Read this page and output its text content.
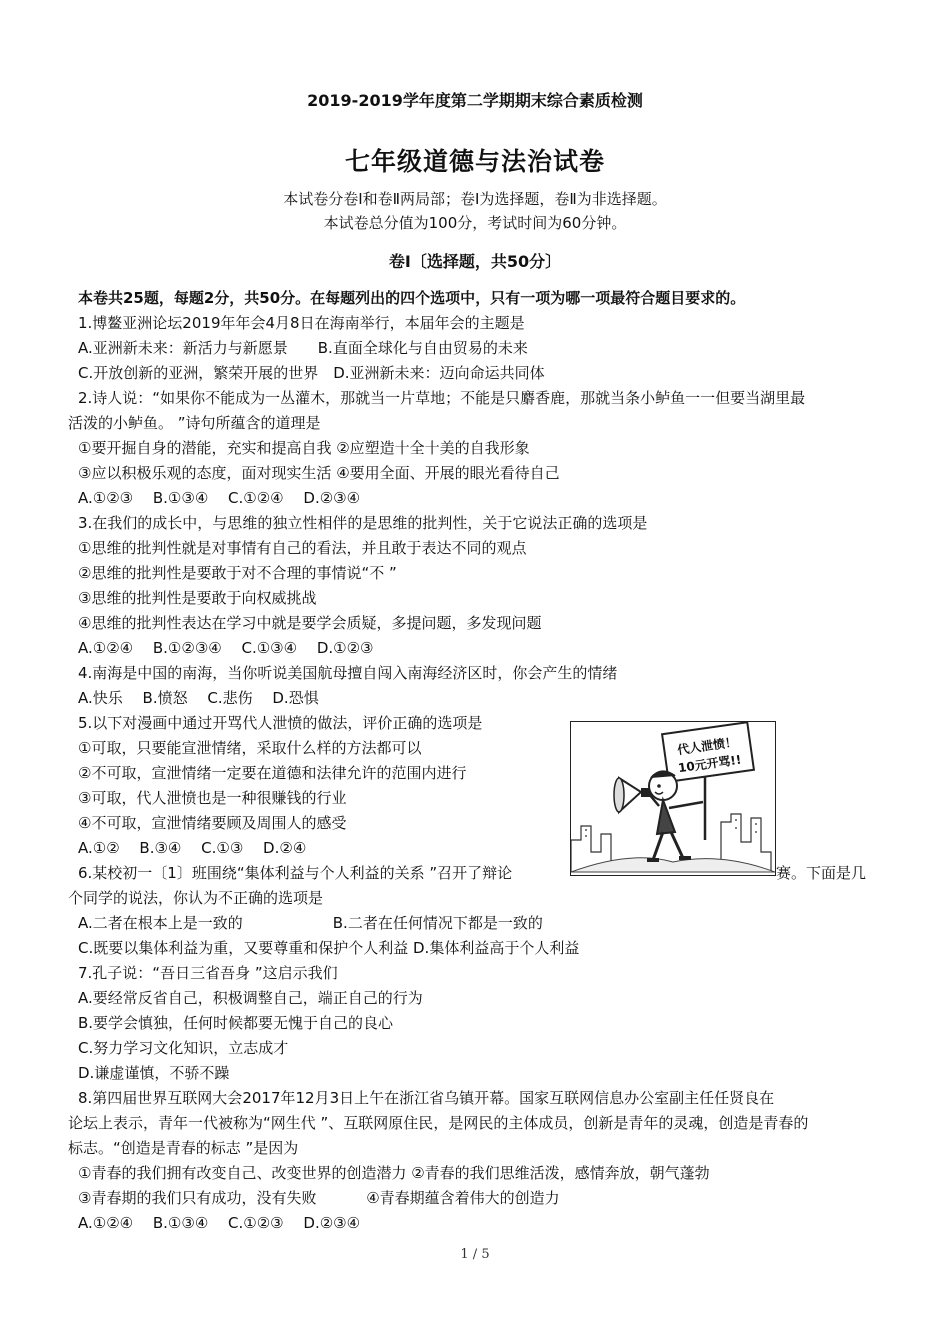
2019-2019学年度第二学期期末综合素质检测
七年级道德与法治试卷
本试卷分卷Ⅰ和卷Ⅱ两局部；卷Ⅰ为选择题，卷Ⅱ为非选择题。
本试卷总分值为100分，考试时间为60分钟。
卷Ⅰ〔选择题，共50分〕
本卷共25题，每题2分，共50分。在每题列出的四个选项中，只有一项为哪一项最符合题目要求的。
1.博鳌亚洲论坛2019年年会4月8日在海南举行，本届年会的主题是
A.亚洲新未来：新活力与新愿景　　B.直面全球化与自由贸易的未来
C.开放创新的亚洲，繁荣开展的世界　D.亚洲新未来：迈向命运共同体
2.诗人说：“如果你不能成为一丛灌木，那就当一片草地；不能是只麝香鹿，那就当条小鲈鱼一一但要当湖里最
活泼的小鲈鱼。 ”诗句所蕴含的道理是
①要开掘自身的潜能，充实和提高自我 ②应塑造十全十美的自我形象
③应以积极乐观的态度，面对现实生活 ④要用全面、开展的眼光看待自己
A.①②③　 B.①③④　 C.①②④　 D.②③④
3.在我们的成长中，与思维的独立性相伴的是思维的批判性，关于它说法正确的选项是
①思维的批判性就是对事情有自己的看法，并且敢于表达不同的观点
②思维的批判性是要敢于对不合理的事情说“不 ”
③思维的批判性是要敢于向权威挑战
④思维的批判性表达在学习中就是要学会质疑，多提问题，多发现问题
A.①②④　 B.①②③④　 C.①③④　 D.①②③
4.南海是中国的南海，当你听说美国航母擅自闯入南海经济区时，你会产生的情绪
A.快乐　 B.愤怒　 C.悲伤　 D.恐惧
5.以下对漫画中通过开骂代人泄愤的做法，评价正确的选项是
①可取，只要能宣泄情绪，采取什么样的方法都可以
②不可取，宣泄情绪一定要在道德和法律允许的范围内进行
③可取，代人泄愤也是一种很赚钱的行业
④不可取，宣泄情绪要顾及周围人的感受
A.①②　 B.③④　 C.①③　 D.②④
6.某校初一〔1〕班围绕“集体利益与个人利益的关系 ”召开了辩论	赛。下面是几
个同学的说法，你认为不正确的选项是
A.二者在根本上是一致的　　　　　　B.二者在任何情况下都是一致的
C.既要以集体利益为重，又要尊重和保护个人利益 D.集体利益高于个人利益
7.孔子说：“吾日三省吾身 ”这启示我们
A.要经常反省自己，积极调整自己，端正自己的行为
B.要学会慎独，任何时候都要无愧于自己的良心
C.努力学习文化知识，立志成才
D.谦虚谨慎，不骄不躁
8.第四届世界互联网大会2017年12月3日上午在浙江省乌镇开幕。国家互联网信息办公室副主任任贤良在
论坛上表示，青年一代被称为“网生代 ”、互联网原住民，是网民的主体成员，创新是青年的灵魂，创造是青春的
标志。“创造是青春的标志 ”是因为
①青春的我们拥有改变自己、改变世界的创造潜力 ②青春的我们思维活泼，感情奔放，朝气蓬勃
③青春期的我们只有成功，没有失败　　　 ④青春期蕴含着伟大的创造力
A.①②④　 B.①③④　 C.①②③　 D.②③④
代人泄愤！
10元开骂!!
1 / 5
